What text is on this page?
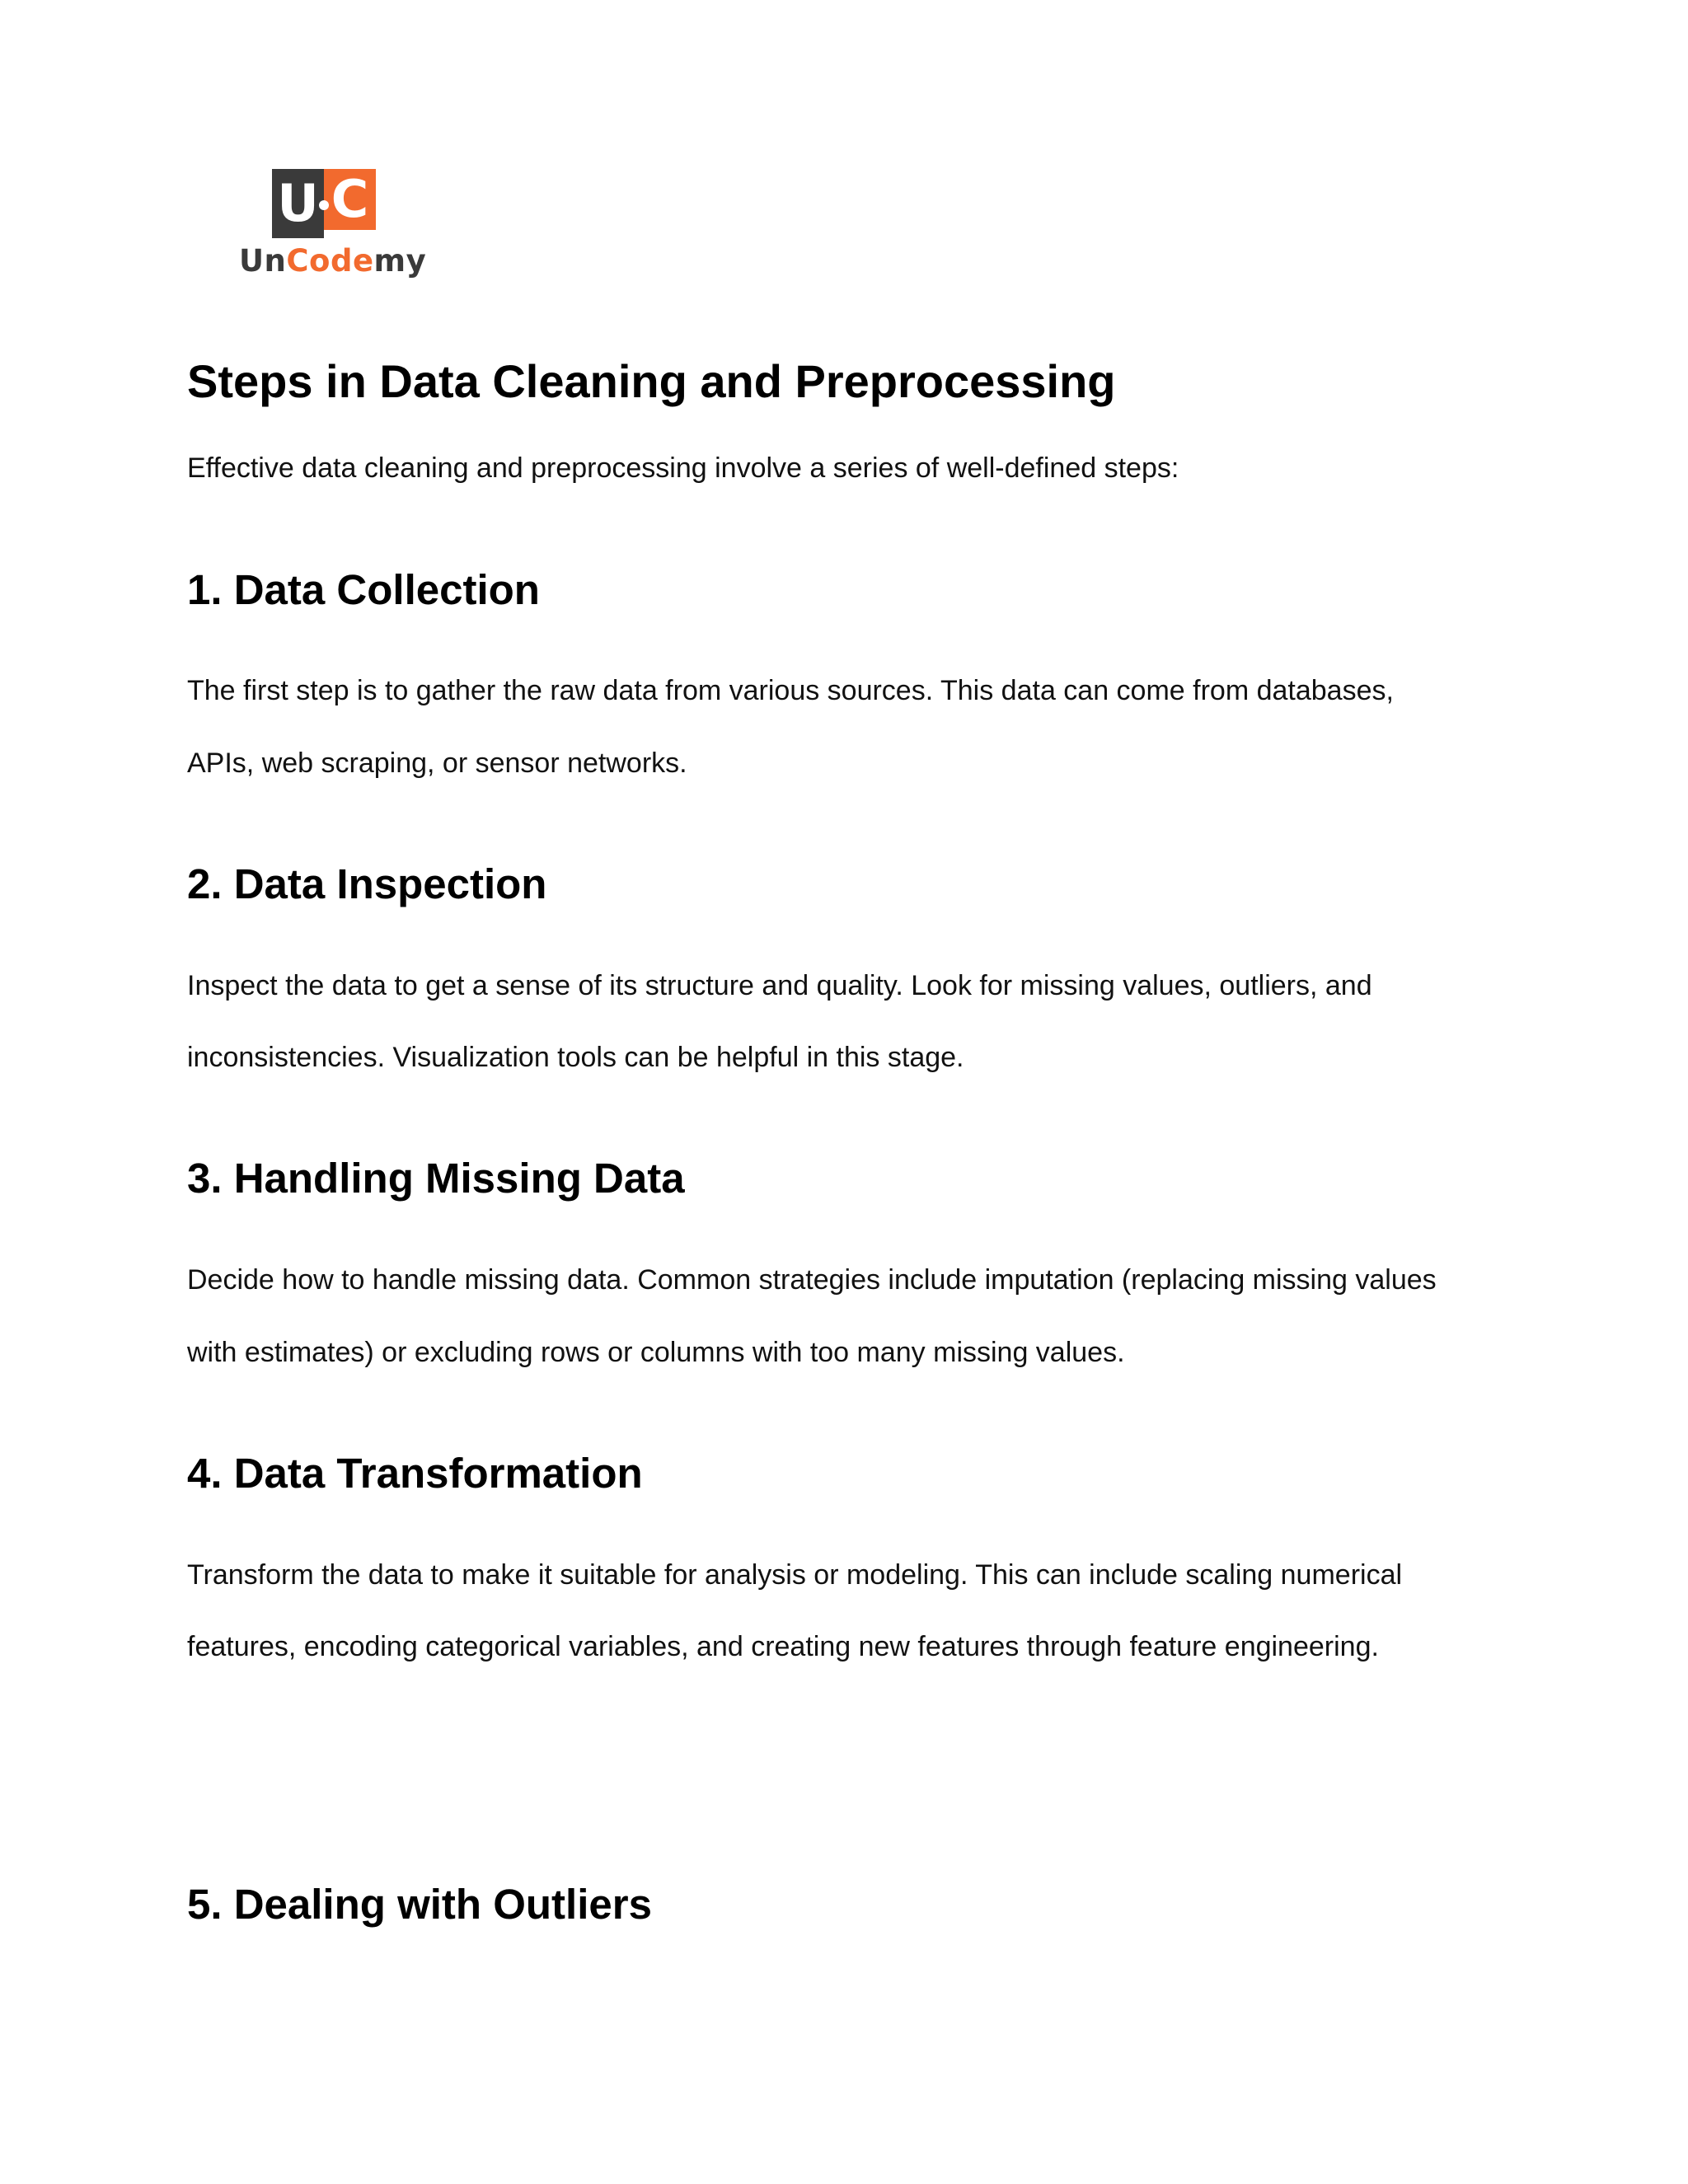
U C
UnCodemy
Steps in Data Cleaning and Preprocessing
Effective data cleaning and preprocessing involve a series of well-defined steps:
1. Data Collection
The first step is to gather the raw data from various sources. This data can come from databases,
APIs, web scraping, or sensor networks.
2. Data Inspection
Inspect the data to get a sense of its structure and quality. Look for missing values, outliers, and
inconsistencies. Visualization tools can be helpful in this stage.
3. Handling Missing Data
Decide how to handle missing data. Common strategies include imputation (replacing missing values
with estimates) or excluding rows or columns with too many missing values.
4. Data Transformation
Transform the data to make it suitable for analysis or modeling. This can include scaling numerical
features, encoding categorical variables, and creating new features through feature engineering.
5. Dealing with Outliers
